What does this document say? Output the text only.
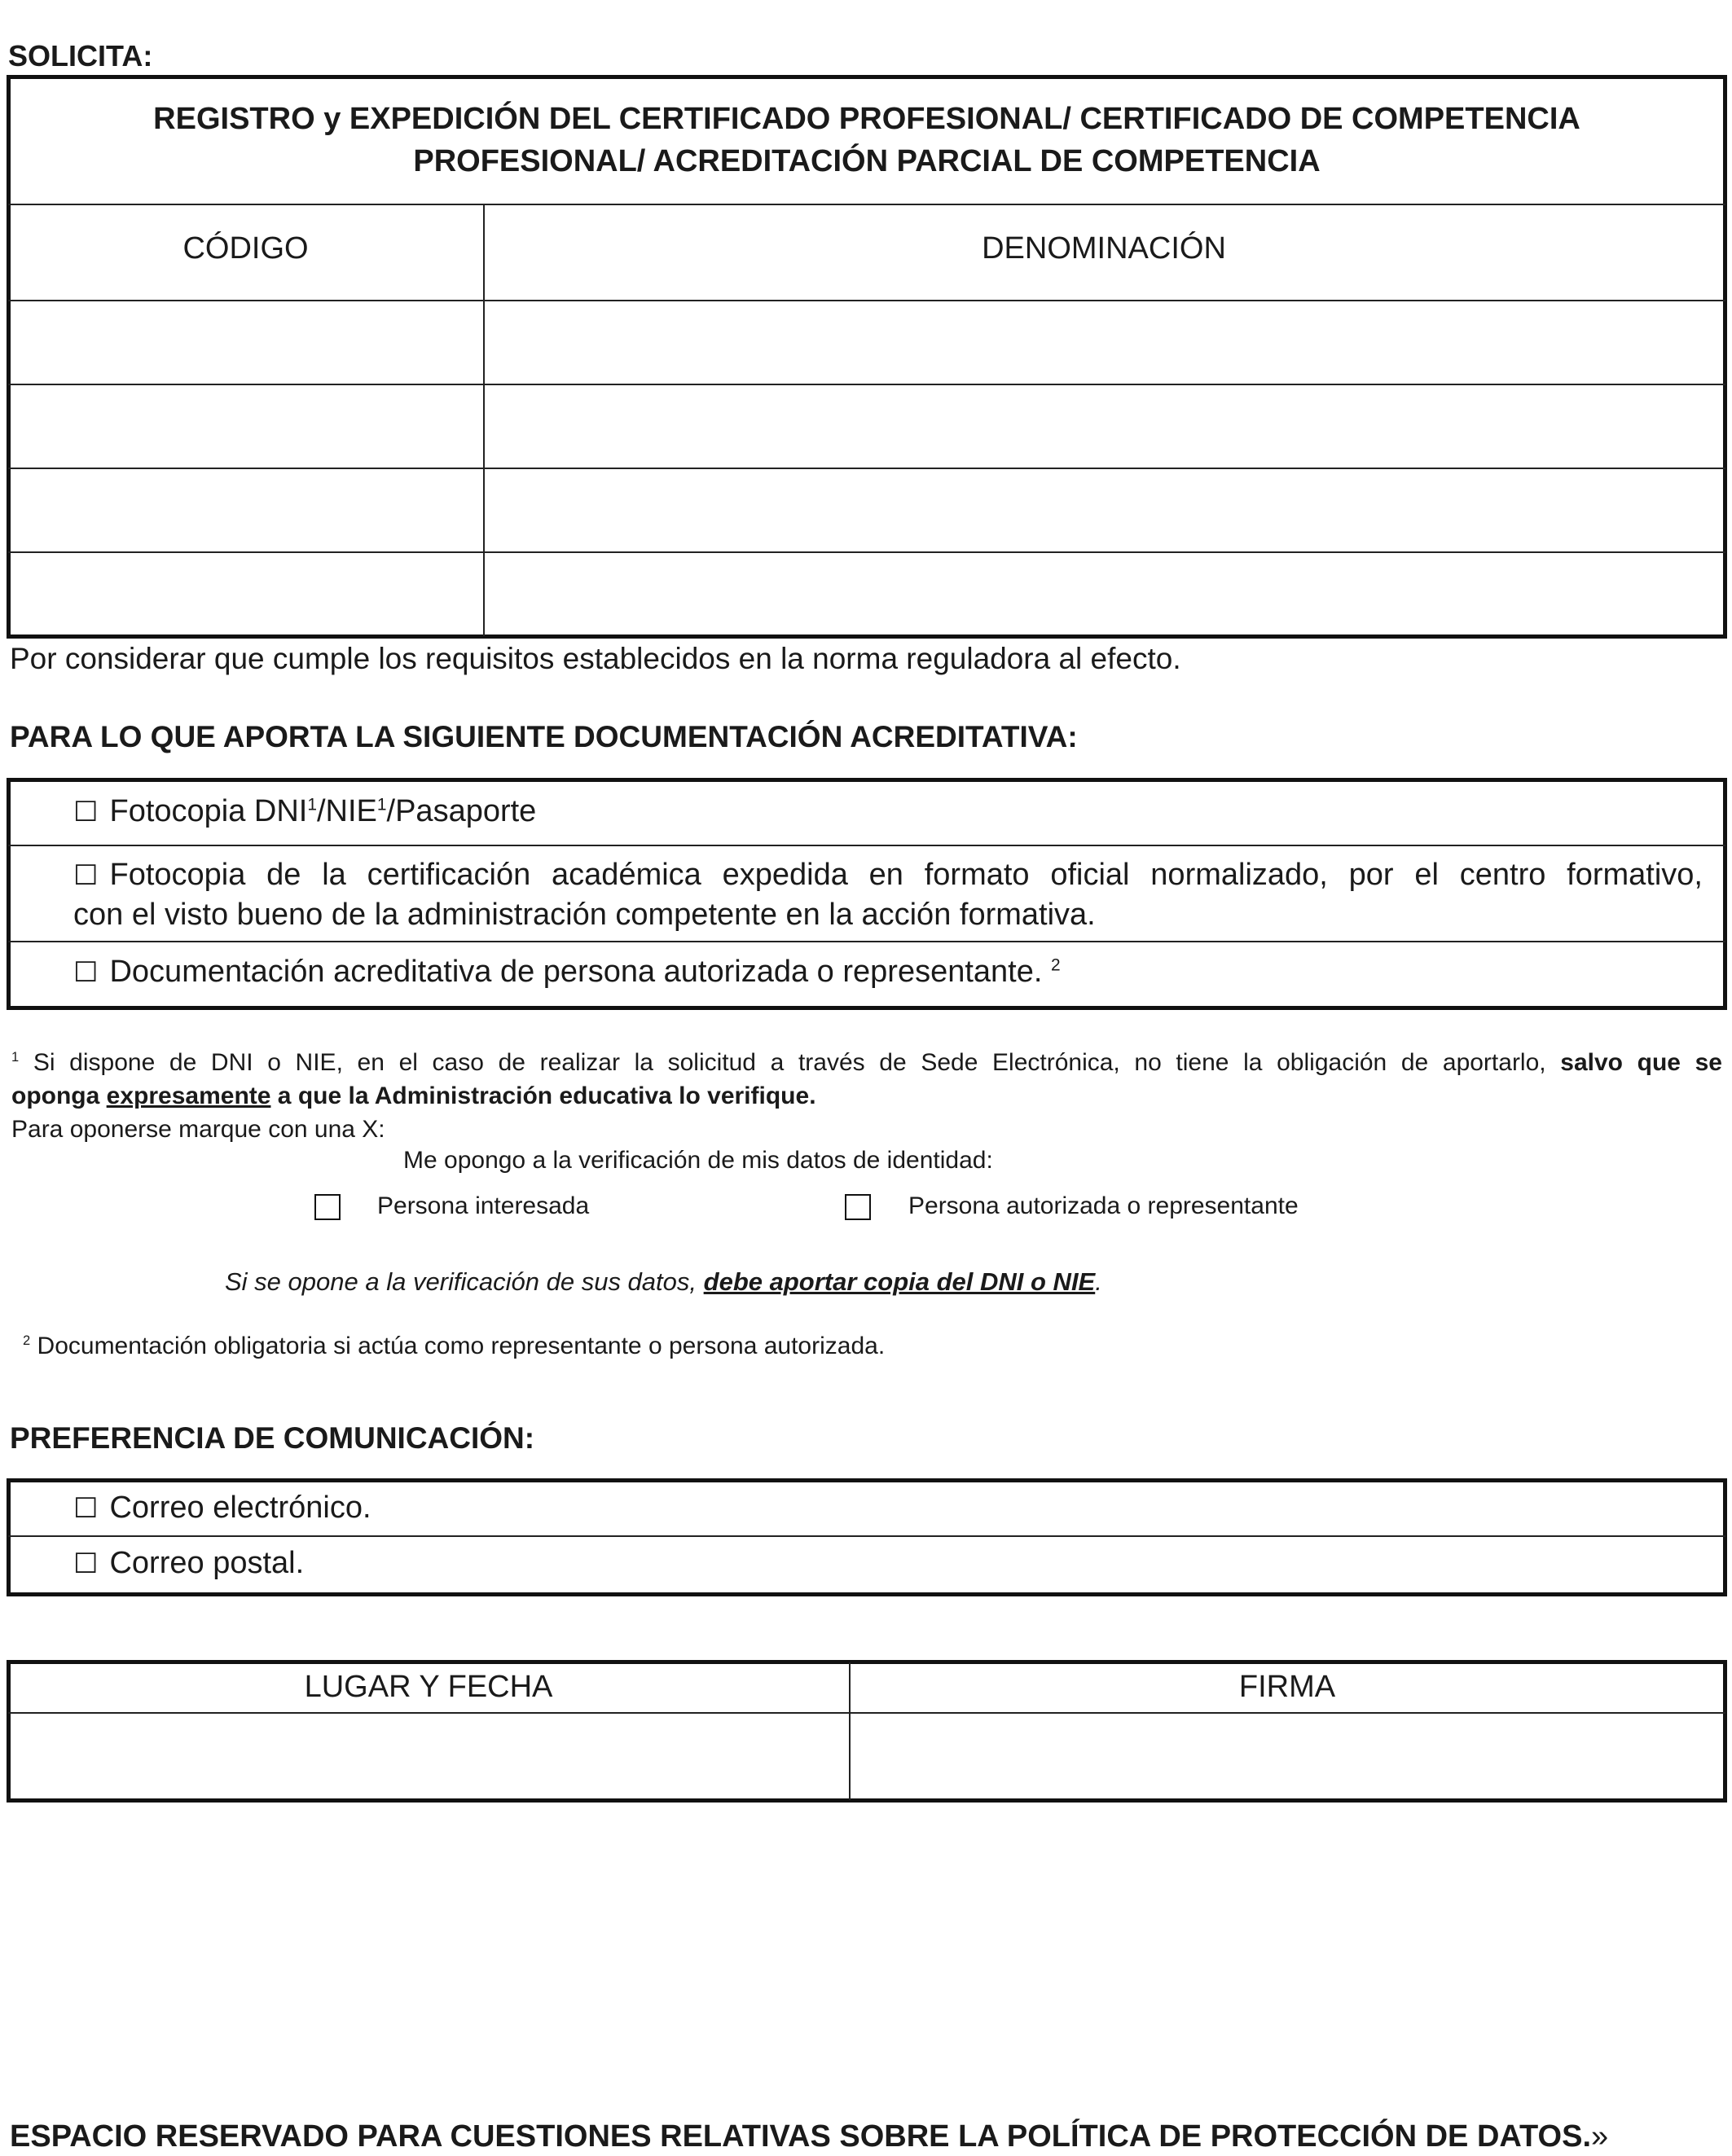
SOLICITA:
REGISTRO y EXPEDICIÓN DEL CERTIFICADO PROFESIONAL/ CERTIFICADO DE COMPETENCIA
PROFESIONAL/ ACREDITACIÓN PARCIAL DE COMPETENCIA
CÓDIGO	DENOMINACIÓN
Por considerar que cumple los requisitos establecidos en la norma reguladora al efecto.
PARA LO QUE APORTA LA SIGUIENTE DOCUMENTACIÓN ACREDITATIVA:
☐ Fotocopia DNI$^1$/NIE$^1$/Pasaporte
☐ Fotocopia de la certificación académica expedida en formato oficial normalizado, por el centro formativo,
con el visto bueno de la administración competente en la acción formativa.
☐ Documentación acreditativa de persona autorizada o representante. $^2$
$^1$ Si dispone de DNI o NIE, en el caso de realizar la solicitud a través de Sede Electrónica, no tiene la obligación de aportarlo, salvo que se
oponga expresamente a que la Administración educativa lo verifique.
Para oponerse marque con una X:
Me opongo a la verificación de mis datos de identidad:
Persona interesada	Persona autorizada o representante
Si se opone a la verificación de sus datos, debe aportar copia del DNI o NIE.
$^2$ Documentación obligatoria si actúa como representante o persona autorizada.
PREFERENCIA DE COMUNICACIÓN:
☐ Correo electrónico.
☐ Correo postal.
LUGAR Y FECHA	FIRMA
ESPACIO RESERVADO PARA CUESTIONES RELATIVAS SOBRE LA POLÍTICA DE PROTECCIÓN DE DATOS.»
